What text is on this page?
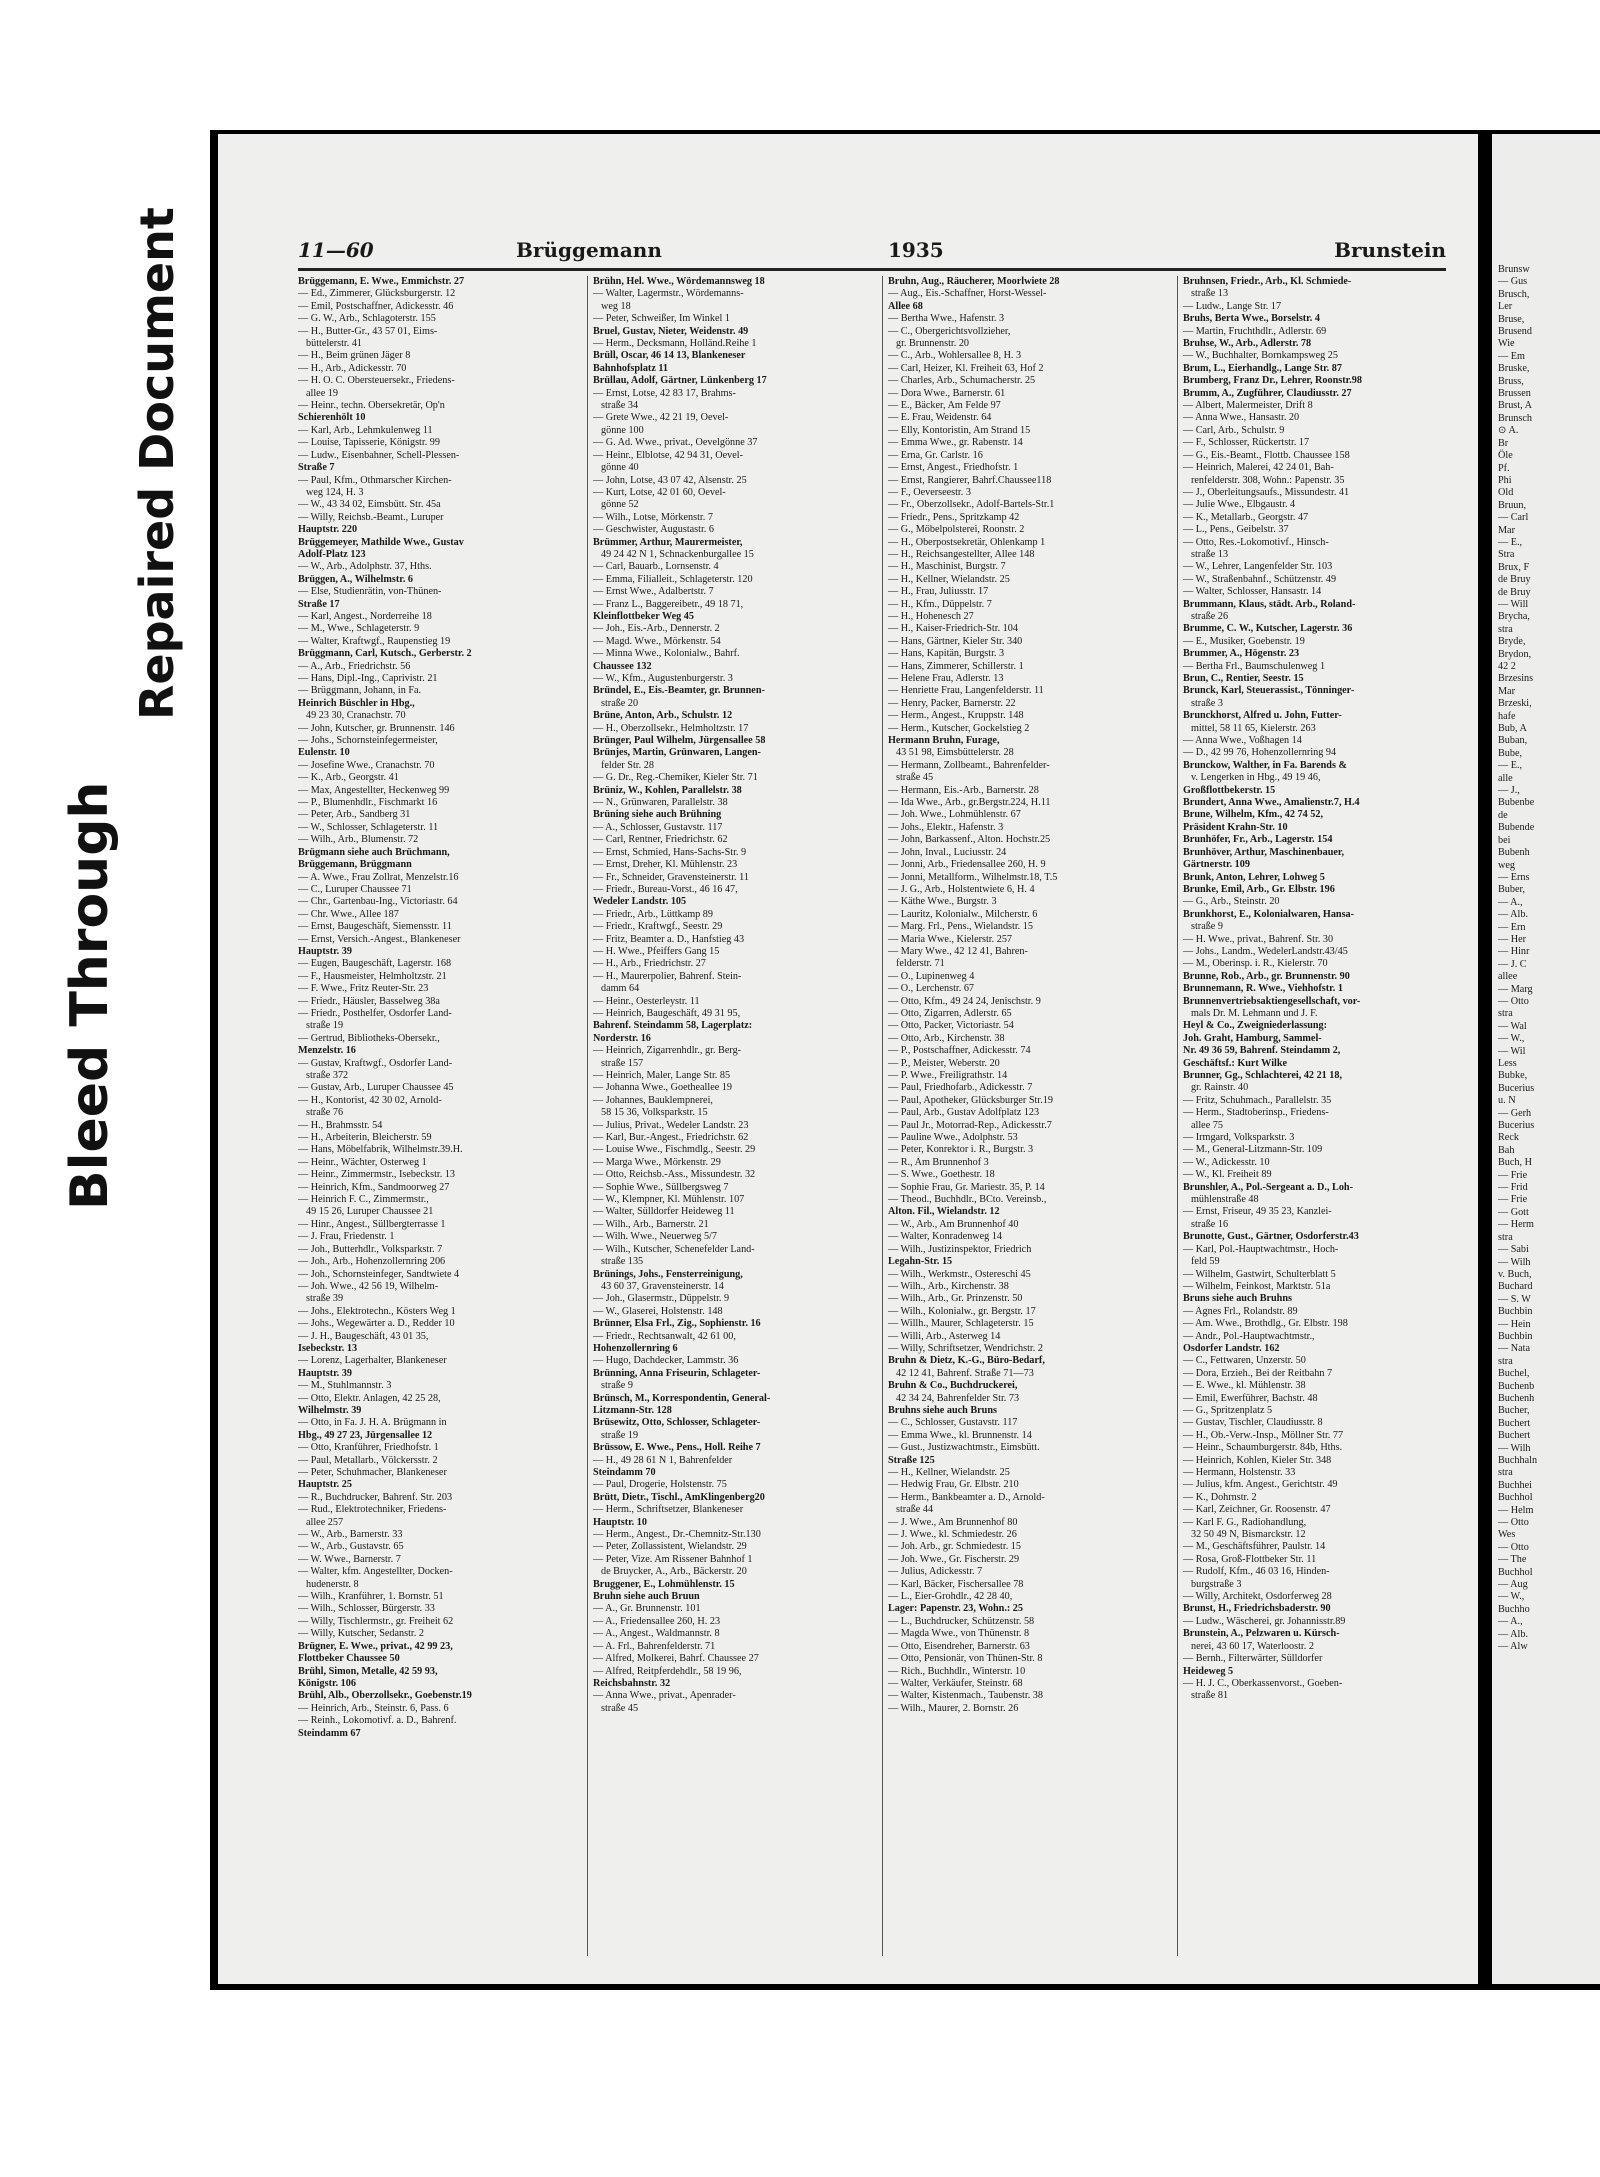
Bleed Through
Repaired Document	11—60	Brüggemann	1935	Brunstein
Brüggemann, E. Wwe., Emmichstr. 27
— Ed., Zimmerer, Glücksburgerstr. 12
— Emil, Postschaffner, Adickesstr. 46
— G. W., Arb., Schlagoterstr. 155
— H., Butter-Gr., 43 57 01, Eims-
büttelerstr. 41
— H., Beim grünen Jäger 8
— H., Arb., Adickesstr. 70
— H. O. C. Obersteuersekr., Friedens-
allee 19
— Heinr., techn. Obersekretär, Op'n
Schierenhölt 10
— Karl, Arb., Lehmkulenweg 11
— Louise, Tapisserie, Königstr. 99
— Ludw., Eisenbahner, Schell-Plessen-
Straße 7
— Paul, Kfm., Othmarscher Kirchen-
weg 124, H. 3
— W., 43 34 02, Eimsbütt. Str. 45a
— Willy, Reichsb.-Beamt., Luruper
Hauptstr. 220
Brüggemeyer, Mathilde Wwe., Gustav
Adolf-Platz 123
— W., Arb., Adolphstr. 37, Hths.
Brüggen, A., Wilhelmstr. 6
— Else, Studienrätin, von-Thünen-
Straße 17
— Karl, Angest., Norderreihe 18
— M., Wwe., Schlageterstr. 9
— Walter, Kraftwgf., Raupenstieg 19
Brüggmann, Carl, Kutsch., Gerberstr. 2
— A., Arb., Friedrichstr. 56
— Hans, Dipl.-Ing., Caprivistr. 21
— Brüggmann, Johann, in Fa.
Heinrich Büschler in Hbg.,
49 23 30, Cranachstr. 70
— John, Kutscher, gr. Brunnenstr. 146
— Johs., Schornsteinfegermeister,
Eulenstr. 10
— Josefine Wwe., Cranachstr. 70
— K., Arb., Georgstr. 41
— Max, Angestellter, Heckenweg 99
— P., Blumenhdlr., Fischmarkt 16
— Peter, Arb., Sandberg 31
— W., Schlosser, Schlageterstr. 11
— Wilh., Arb., Blumenstr. 72
Brügmann siehe auch Brüchmann,
Brüggemann, Brüggmann
— A. Wwe., Frau Zollrat, Menzelstr.16
— C., Luruper Chaussee 71
— Chr., Gartenbau-Ing., Victoriastr. 64
— Chr. Wwe., Allee 187
— Ernst, Baugeschäft, Siemensstr. 11
— Ernst, Versich.-Angest., Blankeneser
Hauptstr. 39
— Eugen, Baugeschäft, Lagerstr. 168
— F., Hausmeister, Helmholtzstr. 21
— F. Wwe., Fritz Reuter-Str. 23
— Friedr., Häusler, Basselweg 38a
— Friedr., Posthelfer, Osdorfer Land-
straße 19
— Gertrud, Bibliotheks-Obersekr.,
Menzelstr. 16
— Gustav, Kraftwgf., Osdorfer Land-
straße 372
— Gustav, Arb., Luruper Chaussee 45
— H., Kontorist, 42 30 02, Arnold-
straße 76
— H., Brahmsstr. 54
— H., Arbeiterin, Bleicherstr. 59
— Hans, Möbelfabrik, Wilhelmstr.39.H.
— Heinr., Wächter, Osterweg 1
— Heinr., Zimmermstr., Isebeckstr. 13
— Heinrich, Kfm., Sandmoorweg 27
— Heinrich F. C., Zimmermstr.,
49 15 26, Luruper Chaussee 21
— Hinr., Angest., Süllbergterrasse 1
— J. Frau, Friedenstr. 1
— Joh., Butterhdlr., Volksparkstr. 7
— Joh., Arb., Hohenzollernring 206
— Joh., Schornsteinfeger, Sandtwiete 4
— Joh. Wwe., 42 56 19, Wilhelm-
straße 39
— Johs., Elektrotechn., Kösters Weg 1
— Johs., Wegewärter a. D., Redder 10
— J. H., Baugeschäft, 43 01 35,
Isebeckstr. 13
— Lorenz, Lagerhalter, Blankeneser
Hauptstr. 39
— M., Stuhlmannstr. 3
— Otto, Elektr. Anlagen, 42 25 28,
Wilhelmstr. 39
— Otto, in Fa. J. H. A. Brügmann in
Hbg., 49 27 23, Jürgensallee 12
— Otto, Kranführer, Friedhofstr. 1
— Paul, Metallarb., Völckersstr. 2
— Peter, Schuhmacher, Blankeneser
Hauptstr. 25
— R., Buchdrucker, Bahrenf. Str. 203
— Rud., Elektrotechniker, Friedens-
allee 257
— W., Arb., Barnerstr. 33
— W., Arb., Gustavstr. 65
— W. Wwe., Barnerstr. 7
— Walter, kfm. Angestellter, Docken-
hudenerstr. 8
— Wilh., Kranführer, 1. Bornstr. 51
— Wilh., Schlosser, Bürgerstr. 33
— Willy, Tischlermstr., gr. Freiheit 62
— Willy, Kutscher, Sedanstr. 2
Brügner, E. Wwe., privat., 42 99 23,
Flottbeker Chaussee 50
Brühl, Simon, Metalle, 42 59 93,
Königstr. 106
Brühl, Alb., Oberzollsekr., Goebenstr.19
— Heinrich, Arb., Steinstr. 6, Pass. 6
— Reinh., Lokomotivf. a. D., Bahrenf.
Steindamm 67
Brühn, Hel. Wwe., Wördemannsweg 18
— Walter, Lagermstr., Wördemanns-
weg 18
— Peter, Schweißer, Im Winkel 1
Bruel, Gustav, Nieter, Weidenstr. 49
— Herm., Decksmann, Holländ.Reihe 1
Brüll, Oscar, 46 14 13, Blankeneser
Bahnhofsplatz 11
Brüllau, Adolf, Gärtner, Lünkenberg 17
— Ernst, Lotse, 42 83 17, Brahms-
straße 34
— Grete Wwe., 42 21 19, Oevel-
gönne 100
— G. Ad. Wwe., privat., Oevelgönne 37
— Heinr., Elblotse, 42 94 31, Oevel-
gönne 40
— John, Lotse, 43 07 42, Alsenstr. 25
— Kurt, Lotse, 42 01 60, Oevel-
gönne 52
— Wilh., Lotse, Mörkenstr. 7
— Geschwister, Augustastr. 6
Brümmer, Arthur, Maurermeister,
49 24 42 N 1, Schnackenburgallee 15
— Carl, Bauarb., Lornsenstr. 4
— Emma, Filialleit., Schlageterstr. 120
— Ernst Wwe., Adalbertstr. 7
— Franz L., Baggereibetr., 49 18 71,
Kleinflottbeker Weg 45
— Joh., Eis.-Arb., Dennerstr. 2
— Magd. Wwe., Mörkenstr. 54
— Minna Wwe., Kolonialw., Bahrf.
Chaussee 132
— W., Kfm., Augustenburgerstr. 3
Bründel, E., Eis.-Beamter, gr. Brunnen-
straße 20
Brüne, Anton, Arb., Schulstr. 12
— H., Oberzollsekr., Helmholtzstr. 17
Brünger, Paul Wilhelm, Jürgensallee 58
Brünjes, Martin, Grünwaren, Langen-
felder Str. 28
— G. Dr., Reg.-Chemiker, Kieler Str. 71
Brüniz, W., Kohlen, Parallelstr. 38
— N., Grünwaren, Parallelstr. 38
Brüning siehe auch Brühning
— A., Schlosser, Gustavstr. 117
— Carl, Rentner, Friedrichstr. 62
— Ernst, Schmied, Hans-Sachs-Str. 9
— Ernst, Dreher, Kl. Mühlenstr. 23
— Fr., Schneider, Gravensteinerstr. 11
— Friedr., Bureau-Vorst., 46 16 47,
Wedeler Landstr. 105
— Friedr., Arb., Lüttkamp 89
— Friedr., Kraftwgf., Seestr. 29
— Fritz, Beamter a. D., Hanfstieg 43
— H. Wwe., Pfeiffers Gang 15
— H., Arb., Friedrichstr. 27
— H., Maurerpolier, Bahrenf. Stein-
damm 64
— Heinr., Oesterleystr. 11
— Heinrich, Baugeschäft, 49 31 95,
Bahrenf. Steindamm 58, Lagerplatz:
Norderstr. 16
— Heinrich, Zigarrenhdlr., gr. Berg-
straße 157
— Heinrich, Maler, Lange Str. 85
— Johanna Wwe., Goetheallee 19
— Johannes, Bauklempnerei,
58 15 36, Volksparkstr. 15
— Julius, Privat., Wedeler Landstr. 23
— Karl, Bur.-Angest., Friedrichstr. 62
— Louise Wwe., Fischmdlg., Seestr. 29
— Marga Wwe., Mörkenstr. 29
— Otto, Reichsb.-Ass., Missundestr. 32
— Sophie Wwe., Süllbergsweg 7
— W., Klempner, Kl. Mühlenstr. 107
— Walter, Sülldorfer Heideweg 11
— Wilh., Arb., Barnerstr. 21
— Wilh. Wwe., Neuerweg 5/7
— Wilh., Kutscher, Schenefelder Land-
straße 135
Brünings, Johs., Fensterreinigung,
43 60 37, Gravensteinerstr. 14
— Joh., Glasermstr., Düppelstr. 9
— W., Glaserei, Holstenstr. 148
Brünner, Elsa Frl., Zig., Sophienstr. 16
— Friedr., Rechtsanwalt, 42 61 00,
Hohenzollernring 6
— Hugo, Dachdecker, Lammstr. 36
Brünning, Anna Friseurin, Schlageter-
straße 9
Brünsch, M., Korrespondentin, General-
Litzmann-Str. 128
Brüsewitz, Otto, Schlosser, Schlageter-
straße 19
Brüssow, E. Wwe., Pens., Holl. Reihe 7
— H., 49 28 61 N 1, Bahrenfelder
Steindamm 70
— Paul, Drogerie, Holstenstr. 75
Brütt, Dietr., Tischl., AmKlingenberg20
— Herm., Schriftsetzer, Blankeneser
Hauptstr. 10
— Herm., Angest., Dr.-Chemnitz-Str.130
— Peter, Zollassistent, Wielandstr. 29
— Peter, Vize. Am Rissener Bahnhof 1
de Bruycker, A., Arb., Bäckerstr. 20
Bruggener, E., Lohmühlenstr. 15
Bruhn siehe auch Bruun
— A., Gr. Brunnenstr. 101
— A., Friedensallee 260, H. 23
— A., Angest., Waldmannstr. 8
— A. Frl., Bahrenfelderstr. 71
— Alfred, Molkerei, Bahrf. Chaussee 27
— Alfred, Reitpferdehdlr., 58 19 96,
Reichsbahnstr. 32
— Anna Wwe., privat., Apenrader-
straße 45
Bruhn, Aug., Räucherer, Moorlwiete 28
— Aug., Eis.-Schaffner, Horst-Wessel-
Allee 68
— Bertha Wwe., Hafenstr. 3
— C., Obergerichtsvollzieher,
gr. Brunnenstr. 20
— C., Arb., Wohlersallee 8, H. 3
— Carl, Heizer, Kl. Freiheit 63, Hof 2
— Charles, Arb., Schumacherstr. 25
— Dora Wwe., Barnerstr. 61
— E., Bäcker, Am Felde 97
— E. Frau, Weidenstr. 64
— Elly, Kontoristin, Am Strand 15
— Emma Wwe., gr. Rabenstr. 14
— Erna, Gr. Carlstr. 16
— Ernst, Angest., Friedhofstr. 1
— Ernst, Rangierer, Bahrf.Chaussee118
— F., Oeverseestr. 3
— Fr., Oberzollsekr., Adolf-Bartels-Str.1
— Friedr., Pens., Spritzkamp 42
— G., Möbelpolsterei, Roonstr. 2
— H., Oberpostsekretär, Ohlenkamp 1
— H., Reichsangestellter, Allee 148
— H., Maschinist, Burgstr. 7
— H., Kellner, Wielandstr. 25
— H., Frau, Juliusstr. 17
— H., Kfm., Düppelstr. 7
— H., Hohenesch 27
— H., Kaiser-Friedrich-Str. 104
— Hans, Gärtner, Kieler Str. 340
— Hans, Kapitän, Burgstr. 3
— Hans, Zimmerer, Schillerstr. 1
— Helene Frau, Adlerstr. 13
— Henriette Frau, Langenfelderstr. 11
— Henry, Packer, Barnerstr. 22
— Herm., Angest., Kruppstr. 148
— Herm., Kutscher, Gockelstieg 2
Hermann Bruhn, Furage,
43 51 98, Eimsbüttelerstr. 28
— Hermann, Zollbeamt., Bahrenfelder-
straße 45
— Hermann, Eis.-Arb., Barnerstr. 28
— Ida Wwe., Arb., gr.Bergstr.224, H.11
— Joh. Wwe., Lohmühlenstr. 67
— Johs., Elektr., Hafenstr. 3
— John, Barkassenf., Alton. Hochstr.25
— John, Inval., Luciusstr. 24
— Jonni, Arb., Friedensallee 260, H. 9
— Jonni, Metallform., Wilhelmstr.18, T.5
— J. G., Arb., Holstentwiete 6, H. 4
— Käthe Wwe., Burgstr. 3
— Lauritz, Kolonialw., Milcherstr. 6
— Marg. Frl., Pens., Wielandstr. 15
— Maria Wwe., Kielerstr. 257
— Mary Wwe., 42 12 41, Bahren-
felderstr. 71
— O., Lupinenweg 4
— O., Lerchenstr. 67
— Otto, Kfm., 49 24 24, Jenischstr. 9
— Otto, Zigarren, Adlerstr. 65
— Otto, Packer, Victoriastr. 54
— Otto, Arb., Kirchenstr. 38
— P., Postschaffner, Adickesstr. 74
— P., Meister, Weberstr. 20
— P. Wwe., Freiligrathstr. 14
— Paul, Friedhofarb., Adickesstr. 7
— Paul, Apotheker, Glücksburger Str.19
— Paul, Arb., Gustav Adolfplatz 123
— Paul Jr., Motorrad-Rep., Adickesstr.7
— Pauline Wwe., Adolphstr. 53
— Peter, Konrektor i. R., Burgstr. 3
— R., Am Brunnenhof 3
— S. Wwe., Goethestr. 18
— Sophie Frau, Gr. Mariestr. 35, P. 14
— Theod., Buchhdlr., BCto. Vereinsb.,
Alton. Fil., Wielandstr. 12
— W., Arb., Am Brunnenhof 40
— Walter, Konradenweg 14
— Wilh., Justizinspektor, Friedrich
Legahn-Str. 15
— Wilh., Werkmstr., Ostereschi 45
— Wilh., Arb., Kirchenstr. 38
— Wilh., Arb., Gr. Prinzenstr. 50
— Wilh., Kolonialw., gr. Bergstr. 17
— Willh., Maurer, Schlageterstr. 15
— Willi, Arb., Asterweg 14
— Willy, Schriftsetzer, Wendrichstr. 2
Bruhn & Dietz, K.-G., Büro-Bedarf,
42 12 41, Bahrenf. Straße 71—73
Bruhn & Co., Buchdruckerei,
42 34 24, Bahrenfelder Str. 73
Bruhns siehe auch Bruns
— C., Schlosser, Gustavstr. 117
— Emma Wwe., kl. Brunnenstr. 14
— Gust., Justizwachtmstr., Eimsbütt.
Straße 125
— H., Kellner, Wielandstr. 25
— Hedwig Frau, Gr. Elbstr. 210
— Herm., Bankbeamter a. D., Arnold-
straße 44
— J. Wwe., Am Brunnenhof 80
— J. Wwe., kl. Schmiedestr. 26
— Joh. Arb., gr. Schmiedestr. 15
— Joh. Wwe., Gr. Fischerstr. 29
— Julius, Adickesstr. 7
— Karl, Bäcker, Fischersallee 78
— L., Eier-Grohdlr., 42 28 40,
Lager: Papenstr. 23, Wohn.: 25
— L., Buchdrucker, Schützenstr. 58
— Magda Wwe., von Thünenstr. 8
— Otto, Eisendreher, Barnerstr. 63
— Otto, Pensionär, von Thünen-Str. 8
— Rich., Buchhdlr., Winterstr. 10
— Walter, Verkäufer, Steinstr. 68
— Walter, Kistenmach., Taubenstr. 38
— Wilh., Maurer, 2. Bornstr. 26
Bruhnsen, Friedr., Arb., Kl. Schmiede-
straße 13
— Ludw., Lange Str. 17
Bruhs, Berta Wwe., Borselstr. 4
— Martin, Fruchthdlr., Adlerstr. 69
Bruhse, W., Arb., Adlerstr. 78
— W., Buchhalter, Bornkampsweg 25
Brum, L., Eierhandlg., Lange Str. 87
Brumberg, Franz Dr., Lehrer, Roonstr.98
Brumm, A., Zugführer, Claudiusstr. 27
— Albert, Malermeister, Drift 8
— Anna Wwe., Hansastr. 20
— Carl, Arb., Schulstr. 9
— F., Schlosser, Rückertstr. 17
— G., Eis.-Beamt., Flottb. Chaussee 158
— Heinrich, Malerei, 42 24 01, Bah-
renfelderstr. 308, Wohn.: Papenstr. 35
— J., Oberleitungsaufs., Missundestr. 41
— Julie Wwe., Elbgaustr. 4
— K., Metallarb., Georgstr. 47
— L., Pens., Geibelstr. 37
— Otto, Res.-Lokomotivf., Hinsch-
straße 13
— W., Lehrer, Langenfelder Str. 103
— W., Straßenbahnf., Schützenstr. 49
— Walter, Schlosser, Hansastr. 14
Brummann, Klaus, städt. Arb., Roland-
straße 26
Brumme, C. W., Kutscher, Lagerstr. 36
— E., Musiker, Goebenstr. 19
Brummer, A., Högenstr. 23
— Bertha Frl., Baumschulenweg 1
Brun, C., Rentier, Seestr. 15
Brunck, Karl, Steuerassist., Tönninger-
straße 3
Brunckhorst, Alfred u. John, Futter-
mittel, 58 11 65, Kielerstr. 263
— Anna Wwe., Voßhagen 14
— D., 42 99 76, Hohenzollernring 94
Brunckow, Walther, in Fa. Barends &
v. Lengerken in Hbg., 49 19 46,
Großflottbekerstr. 15
Brundert, Anna Wwe., Amalienstr.7, H.4
Brune, Wilhelm, Kfm., 42 74 52,
Präsident Krahn-Str. 10
Brunhöfer, Fr., Arb., Lagerstr. 154
Brunhöver, Arthur, Maschinenbauer,
Gärtnerstr. 109
Brunk, Anton, Lehrer, Lohweg 5
Brunke, Emil, Arb., Gr. Elbstr. 196
— G., Arb., Steinstr. 20
Brunkhorst, E., Kolonialwaren, Hansa-
straße 9
— H. Wwe., privat., Bahrenf. Str. 30
— Johs., Landm., WedelerLandstr.43/45
— M., Oberinsp. i. R., Kielerstr. 70
Brunne, Rob., Arb., gr. Brunnenstr. 90
Brunnemann, R. Wwe., Viehhofstr. 1
Brunnenvertriebsaktiengesellschaft, vor-
mals Dr. M. Lehmann und J. F.
Heyl & Co., Zweigniederlassung:
Joh. Graht, Hamburg, Sammel-
Nr. 49 36 59, Bahrenf. Steindamm 2,
Geschäftsf.: Kurt Wilke
Brunner, Gg., Schlachterei, 42 21 18,
gr. Rainstr. 40
— Fritz, Schuhmach., Parallelstr. 35
— Herm., Stadtoberinsp., Friedens-
allee 75
— Irmgard, Volksparkstr. 3
— M., General-Litzmann-Str. 109
— W., Adickesstr. 10
— W., Kl. Freiheit 89
Brunshler, A., Pol.-Sergeant a. D., Loh-
mühlenstraße 48
— Ernst, Friseur, 49 35 23, Kanzlei-
straße 16
Brunotte, Gust., Gärtner, Osdorferstr.43
— Karl, Pol.-Hauptwachtmstr., Hoch-
feld 59
— Wilhelm, Gastwirt, Schulterblatt 5
— Wilhelm, Feinkost, Marktstr. 51a
Bruns siehe auch Bruhns
— Agnes Frl., Rolandstr. 89
— Am. Wwe., Brothdlg., Gr. Elbstr. 198
— Andr., Pol.-Hauptwachtmstr.,
Osdorfer Landstr. 162
— C., Fettwaren, Unzerstr. 50
— Dora, Erzieh., Bei der Reitbahn 7
— E. Wwe., kl. Mühlenstr. 38
— Emil, Ewerführer, Bachstr. 48
— G., Spritzenplatz 5
— Gustav, Tischler, Claudiusstr. 8
— H., Ob.-Verw.-Insp., Möllner Str. 77
— Heinr., Schaumburgerstr. 84b, Hths.
— Heinrich, Kohlen, Kieler Str. 348
— Hermann, Holstenstr. 33
— Julius, kfm. Angest., Gerichtstr. 49
— K., Dohrnstr. 2
— Karl, Zeichner, Gr. Roosenstr. 47
— Karl F. G., Radiohandlung,
32 50 49 N, Bismarckstr. 12
— M., Geschäftsführer, Paulstr. 14
— Rosa, Groß-Flottbeker Str. 11
— Rudolf, Kfm., 46 03 16, Hinden-
burgstraße 3
— Willy, Architekt, Osdorferweg 28
Brunst, H., Friedrichsbaderstr. 90
— Ludw., Wäscherei, gr. Johannisstr.89
Brunstein, A., Pelzwaren u. Kürsch-
nerei, 43 60 17, Waterloostr. 2
— Bernh., Filterwärter, Sülldorfer
Heideweg 5
— H. J. C., Oberkassenvorst., Goeben-
straße 81
Brunsw
— Gus
Brusch,
Ler
Bruse,
Brusend
Wie
— Em
Bruske,
Bruss,
Brussen
Brust, A
Brunsch
⊙ A.
Br
Öle
Pf.
Phi
Old
Bruun,
— Carl
Mar
— E.,
Stra
Brux, F
de Bruy
de Bruy
— Will
Brycha,
stra
Bryde,
Brydon,
42 2
Brzesins
Mar
Brzeski,
hafe
Bub, A
Buban,
Bube,
— E.,
alle
— J.,
Bubenbe
de
Bubende
bei
Bubenh
weg
— Erns
Buber,
— A.,
— Alb.
— Ern
— Her
— Hinr
— J. C
allee
— Marg
— Otto
stra
— Wal
— W.,
— Wil
Less
Bubke,
Bucerius
u. N
— Gerh
Bucerius
Reck
Bah
Buch, H
— Frie
— Frid
— Frie
— Gott
— Herm
stra
— Sabi
— Wilh
v. Buch,
Buchard
— S. W
Buchbin
— Hein
Buchbin
— Nata
stra
Buchel,
Buchenb
Buchenh
Bucher,
Buchert
Buchert
— Wilh
Buchhaln
stra
Buchhei
Buchhol
— Helm
— Otto
Wes
— Otto
— The
Buchhol
— Aug
— W.,
Buchho
— A.,
— Alb.
— Alw
